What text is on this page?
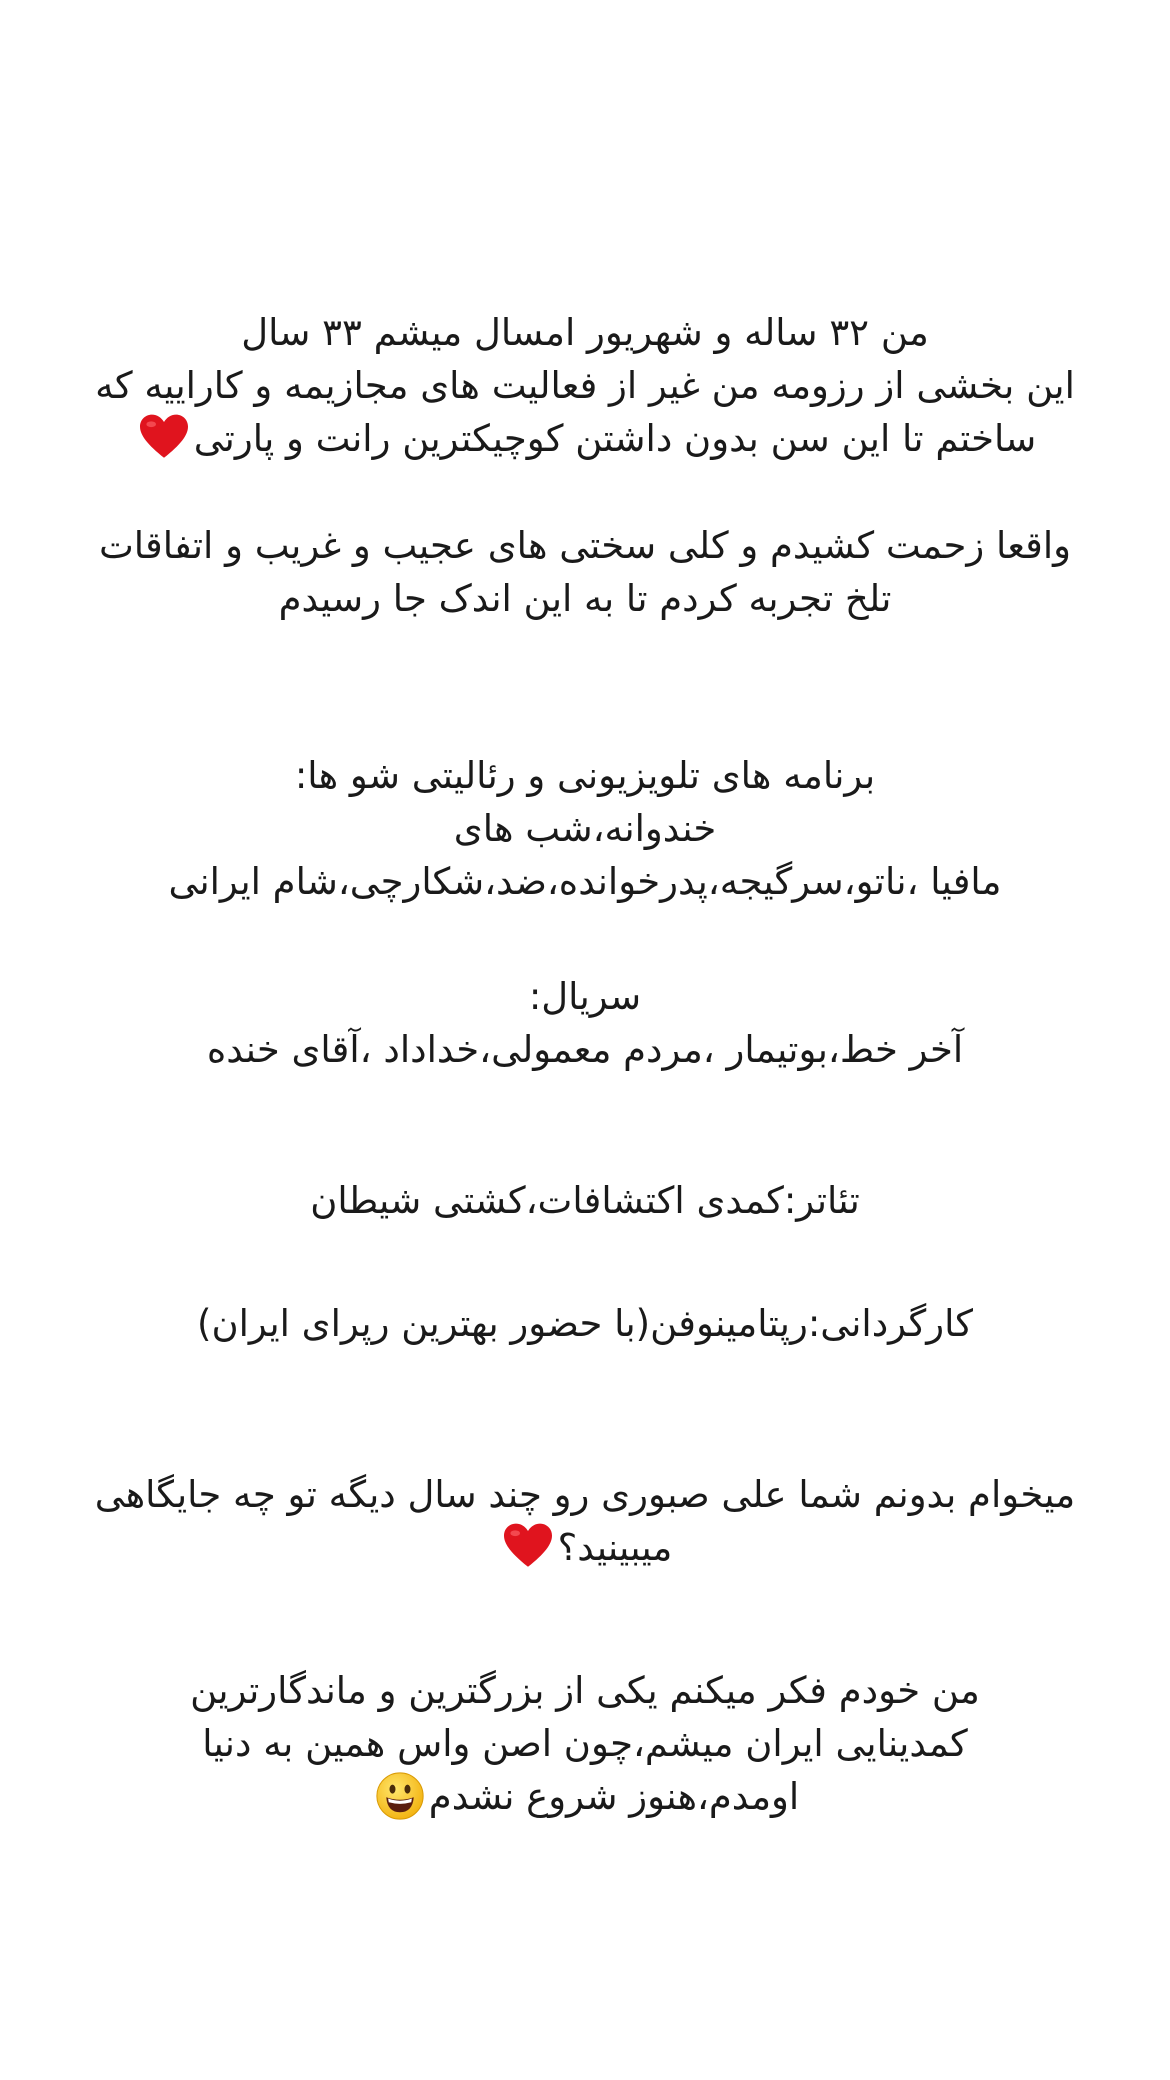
من ۳۲ ساله و شهریور امسال میشم ۳۳ سال
این بخشی از رزومه من غیر از فعالیت های مجازیمه و کاراییه که
ساختم تا این سن بدون داشتن کوچیکترین رانت و پارتی
واقعا زحمت کشیدم و کلی سختی های عجیب و غریب و اتفاقات
تلخ تجربه کردم تا به این اندک جا رسیدم
برنامه های تلویزیونی و رئالیتی شو ها:
خندوانه،شب های
مافیا ،ناتو،سرگیجه،پدرخوانده،ضد،شکارچی،شام ایرانی
سریال:
آخر خط،بوتیمار ،مردم معمولی،خداداد ،آقای خنده
تئاتر:کمدی اکتشافات،کشتی شیطان
کارگردانی:رپتامینوفن(با حضور بهترین رپرای ایران)
میخوام بدونم شما علی صبوری رو چند سال دیگه تو چه جایگاهی
میبینید؟
من خودم فکر میکنم یکی از بزرگترین و ماندگارترین
کمدینایی ایران میشم،چون اصن واس همین به دنیا
اومدم،هنوز شروع نشدم
